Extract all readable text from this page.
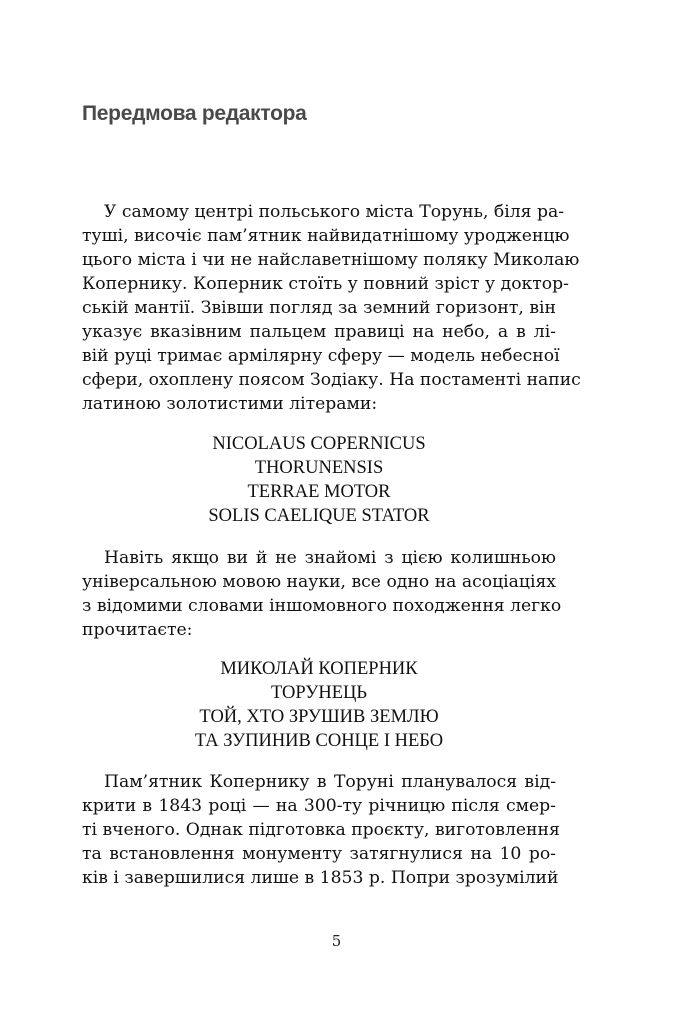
Передмова редактора
У самому центрі польського міста Торунь, біля ра-
туші, височіє пам’ятник найвидатнішому уродженцю
цього міста і чи не найславетнішому поляку Миколаю
Копернику. Коперник стоїть у повний зріст у доктор-
ській мантії. Звівши погляд за земний горизонт, він
указує вказівним пальцем правиці на небо, а в лі-
вій руці тримає армілярну сферу — модель небесної
сфери, охоплену поясом Зодіаку. На постаменті напис
латиною золотистими літерами:
NICOLAUS COPERNICUS
THORUNENSIS
TERRAE MOTOR
SOLIS CAELIQUE STATOR
Навіть якщо ви й не знайомі з цією колишньою
універсальною мовою науки, все одно на асоціаціях
з відомими словами іншомовного походження легко
прочитаєте:
МИКОЛАЙ КОПЕРНИК
ТОРУНЕЦЬ
ТОЙ, ХТО ЗРУШИВ ЗЕМЛЮ
ТА ЗУПИНИВ СОНЦЕ І НЕБО
Пам’ятник Копернику в Торуні планувалося від-
крити в 1843 році — на 300-ту річницю після смер-
ті вченого. Однак підготовка проєкту, виготовлення
та встановлення монументу затягнулися на 10 ро-
ків і завершилися лише в 1853 р. Попри зрозумілий
5
